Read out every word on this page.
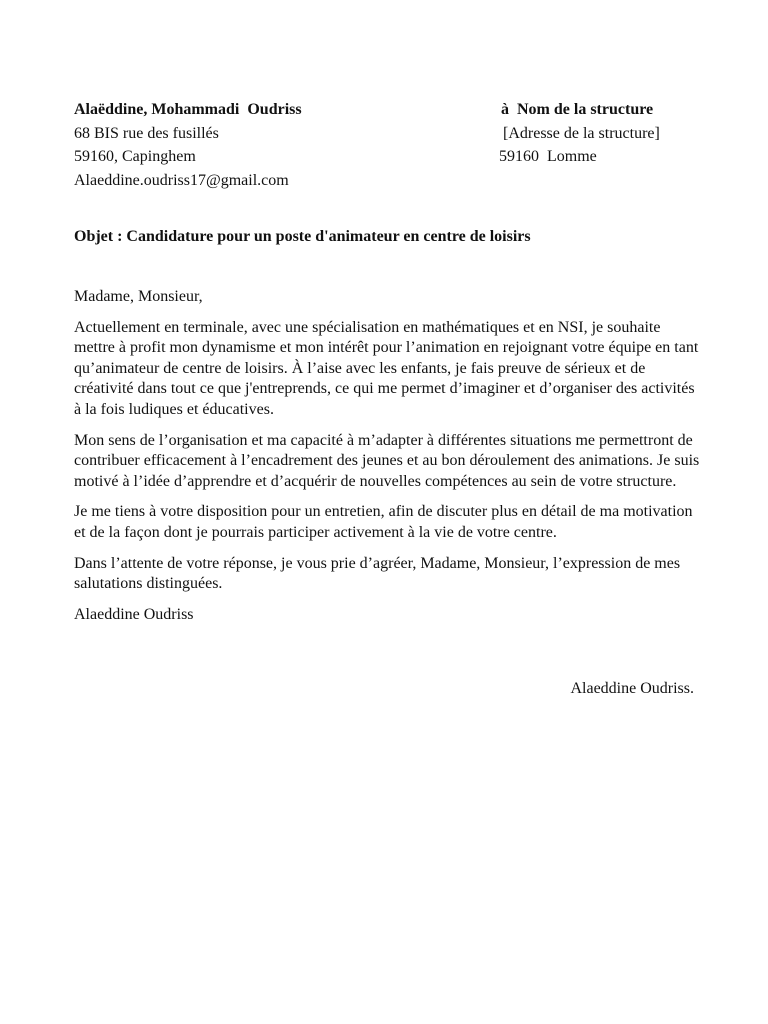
Alaëddine, Mohammadi  Oudriss
68 BIS rue des fusillés
59160, Capinghem
Alaeddine.oudriss17@gmail.com
à  Nom de la structure
[Adresse de la structure]
59160  Lomme
Objet : Candidature pour un poste d'animateur en centre de loisirs

Madame, Monsieur,

Actuellement en terminale, avec une spécialisation en mathématiques et en NSI, je souhaite mettre à profit mon dynamisme et mon intérêt pour l’animation en rejoignant votre équipe en tant qu’animateur de centre de loisirs. À l’aise avec les enfants, je fais preuve de sérieux et de créativité dans tout ce que j'entreprends, ce qui me permet d’imaginer et d’organiser des activités à la fois ludiques et éducatives.

Mon sens de l’organisation et ma capacité à m’adapter à différentes situations me permettront de contribuer efficacement à l’encadrement des jeunes et au bon déroulement des animations. Je suis motivé à l’idée d’apprendre et d’acquérir de nouvelles compétences au sein de votre structure.

Je me tiens à votre disposition pour un entretien, afin de discuter plus en détail de ma motivation et de la façon dont je pourrais participer activement à la vie de votre centre.

Dans l’attente de votre réponse, je vous prie d’agréer, Madame, Monsieur, l’expression de mes salutations distinguées.

Alaeddine Oudriss

Alaeddine Oudriss.
